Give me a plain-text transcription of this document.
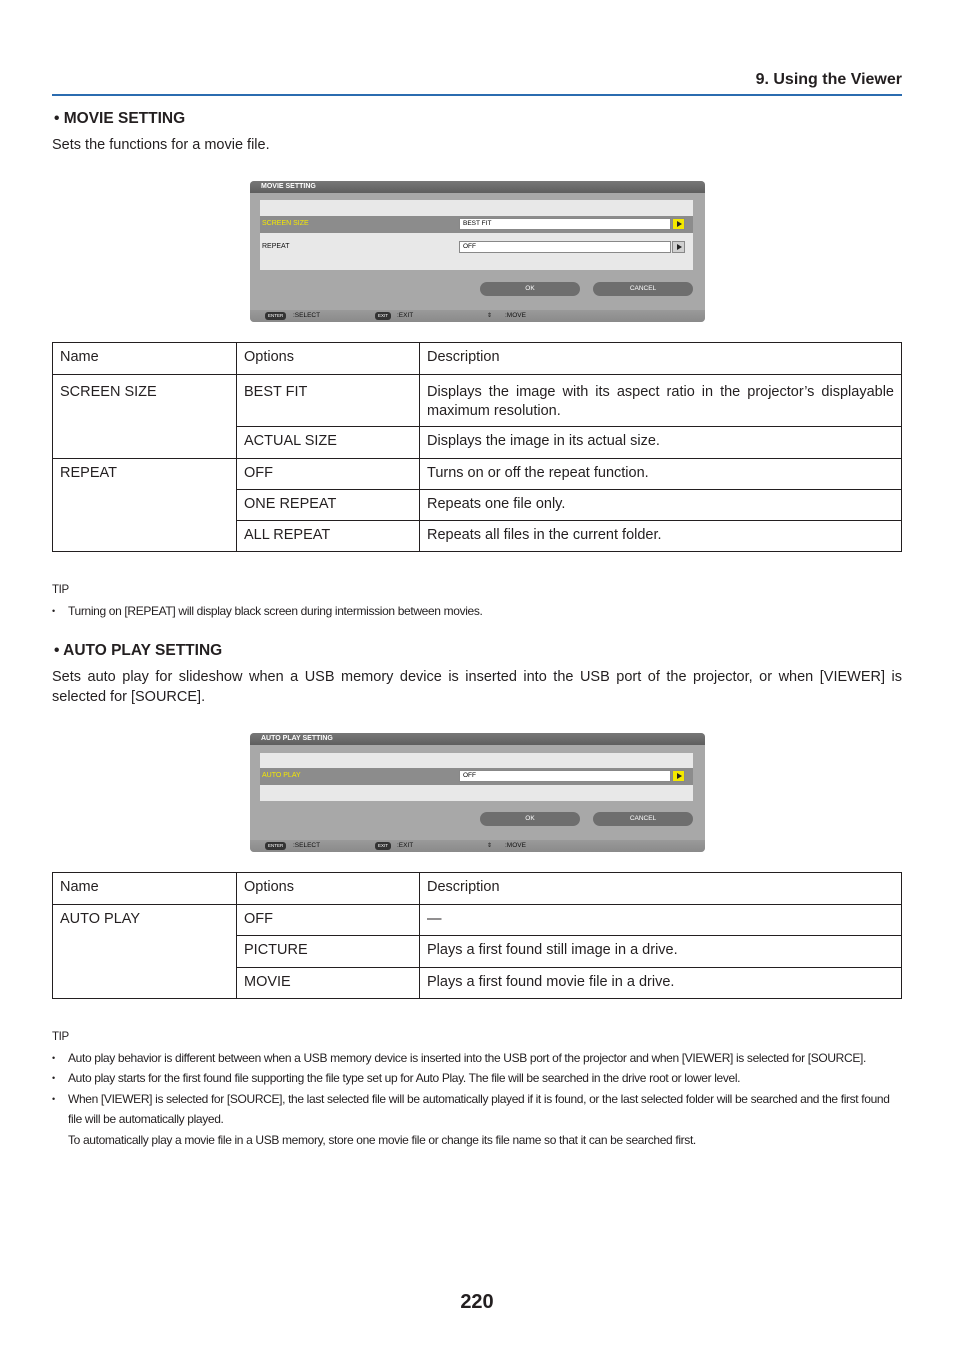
9. Using the Viewer
• MOVIE SETTING
Sets the functions for a movie file.
MOVIE SETTING
SCREEN SIZE	BEST FIT
REPEAT	OFF
OK	CANCEL
ENTER	:SELECT	EXIT	:EXIT	⇕ :MOVE
Name	Options	Description
SCREEN SIZE	BEST FIT	Displays the image with its aspect ratio in the projector’s displayable maximum resolution.
	ACTUAL SIZE	Displays the image in its actual size.
REPEAT	OFF	Turns on or off the repeat function.
	ONE REPEAT	Repeats one file only.
	ALL REPEAT	Repeats all files in the current folder.
TIP
• Turning on [REPEAT] will display black screen during intermission between movies.
• AUTO PLAY SETTING
Sets auto play for slideshow when a USB memory device is inserted into the USB port of the projector, or when [VIEWER] is selected for [SOURCE].
AUTO PLAY SETTING
AUTO PLAY	OFF
OK	CANCEL
ENTER	:SELECT	EXIT	:EXIT	⇕ :MOVE
Name	Options	Description
AUTO PLAY	OFF	—
	PICTURE	Plays a first found still image in a drive.
	MOVIE	Plays a first found movie file in a drive.
TIP
• Auto play behavior is different between when a USB memory device is inserted into the USB port of the projector and when [VIEWER] is selected for [SOURCE].
• Auto play starts for the first found file supporting the file type set up for Auto Play. The file will be searched in the drive root or lower level.
• When [VIEWER] is selected for [SOURCE], the last selected file will be automatically played if it is found, or the last selected folder will be searched and the first found file will be automatically played.
To automatically play a movie file in a USB memory, store one movie file or change its file name so that it can be searched first.
220
